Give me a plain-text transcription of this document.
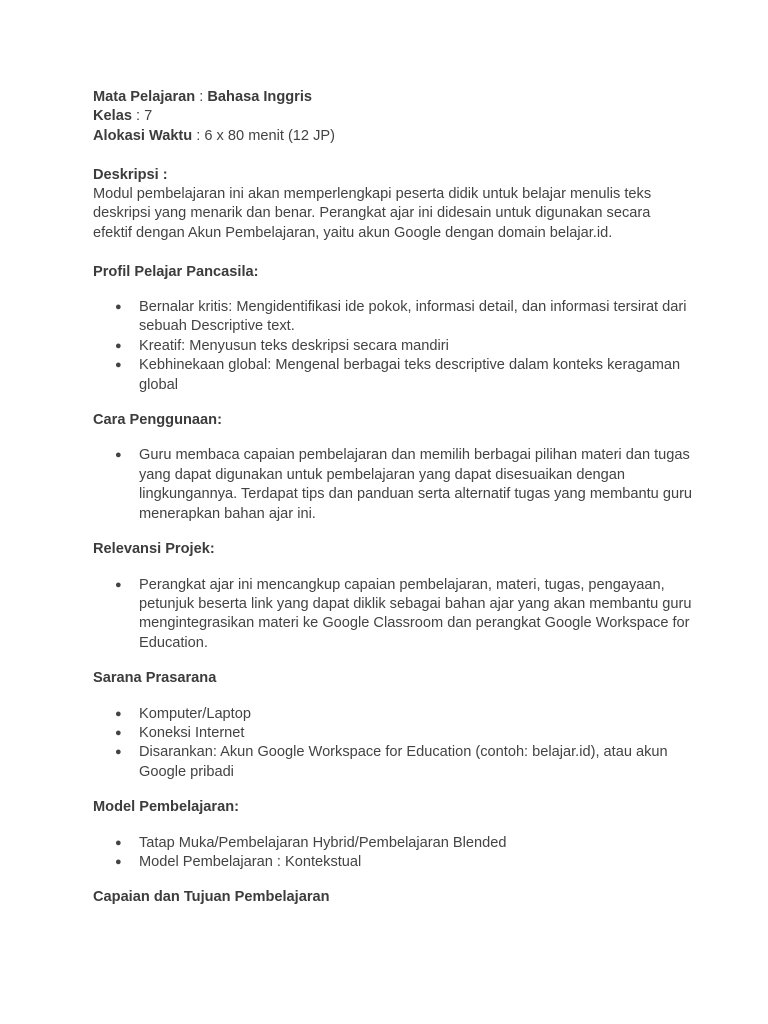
Mata Pelajaran : Bahasa Inggris

Kelas : 7

Alokasi Waktu : 6 x 80 menit (12 JP)

Deskripsi :

Modul pembelajaran ini akan memperlengkapi peserta didik untuk belajar menulis teks deskripsi yang menarik dan benar. Perangkat ajar ini didesain untuk digunakan secara efektif dengan Akun Pembelajaran, yaitu akun Google dengan domain belajar.id.

Profil Pelajar Pancasila:

● Bernalar kritis: Mengidentifikasi ide pokok, informasi detail, dan informasi tersirat dari sebuah Descriptive text.
● Kreatif: Menyusun teks deskripsi secara mandiri
● Kebhinekaan global: Mengenal berbagai teks descriptive dalam konteks keragaman global

Cara Penggunaan:

● Guru membaca capaian pembelajaran dan memilih berbagai pilihan materi dan tugas yang dapat digunakan untuk pembelajaran yang dapat disesuaikan dengan lingkungannya. Terdapat tips dan panduan serta alternatif tugas yang membantu guru menerapkan bahan ajar ini.

Relevansi Projek:

● Perangkat ajar ini mencangkup capaian pembelajaran, materi, tugas, pengayaan, petunjuk beserta link yang dapat diklik sebagai bahan ajar yang akan membantu guru mengintegrasikan materi ke Google Classroom dan perangkat Google Workspace for Education.

Sarana Prasarana

● Komputer/Laptop
● Koneksi Internet
● Disarankan: Akun Google Workspace for Education (contoh: belajar.id), atau akun Google pribadi

Model Pembelajaran:

● Tatap Muka/Pembelajaran Hybrid/Pembelajaran Blended
● Model Pembelajaran : Kontekstual

Capaian dan Tujuan Pembelajaran
